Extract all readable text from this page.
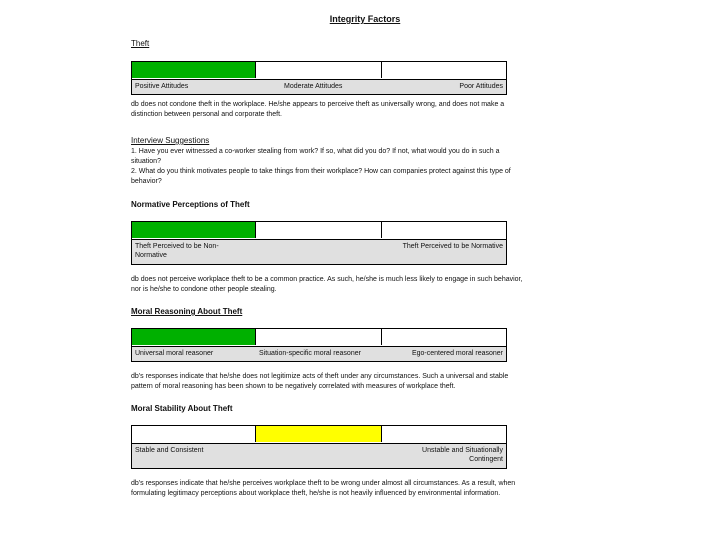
Integrity Factors
Theft
Positive Attitudes	Moderate Attitudes	Poor Attitudes
db does not condone theft in the workplace. He/she appears to perceive theft as universally wrong, and does not make a
distinction between personal and corporate theft.
Interview Suggestions
1. Have you ever witnessed a co-worker stealing from work? If so, what did you do? If not, what would you do in such a
situation?
2. What do you think motivates people to take things from their workplace? How can companies protect against this type of
behavior?
Normative Perceptions of Theft
Theft Perceived to be Non-
Normative
Theft Perceived to be Normative
db does not perceive workplace theft to be a common practice. As such, he/she is much less likely to engage in such behavior,
nor is he/she to condone other people stealing.
Moral Reasoning About Theft
Universal moral reasoner	Situation-specific moral reasoner	Ego-centered moral reasoner
db's responses indicate that he/she does not legitimize acts of theft under any circumstances. Such a universal and stable
pattern of moral reasoning has been shown to be negatively correlated with measures of workplace theft.
Moral Stability About Theft
Stable and Consistent	Unstable and Situationally
Contingent
db's responses indicate that he/she perceives workplace theft to be wrong under almost all circumstances. As a result, when
formulating legitimacy perceptions about workplace theft, he/she is not heavily influenced by environmental information.
